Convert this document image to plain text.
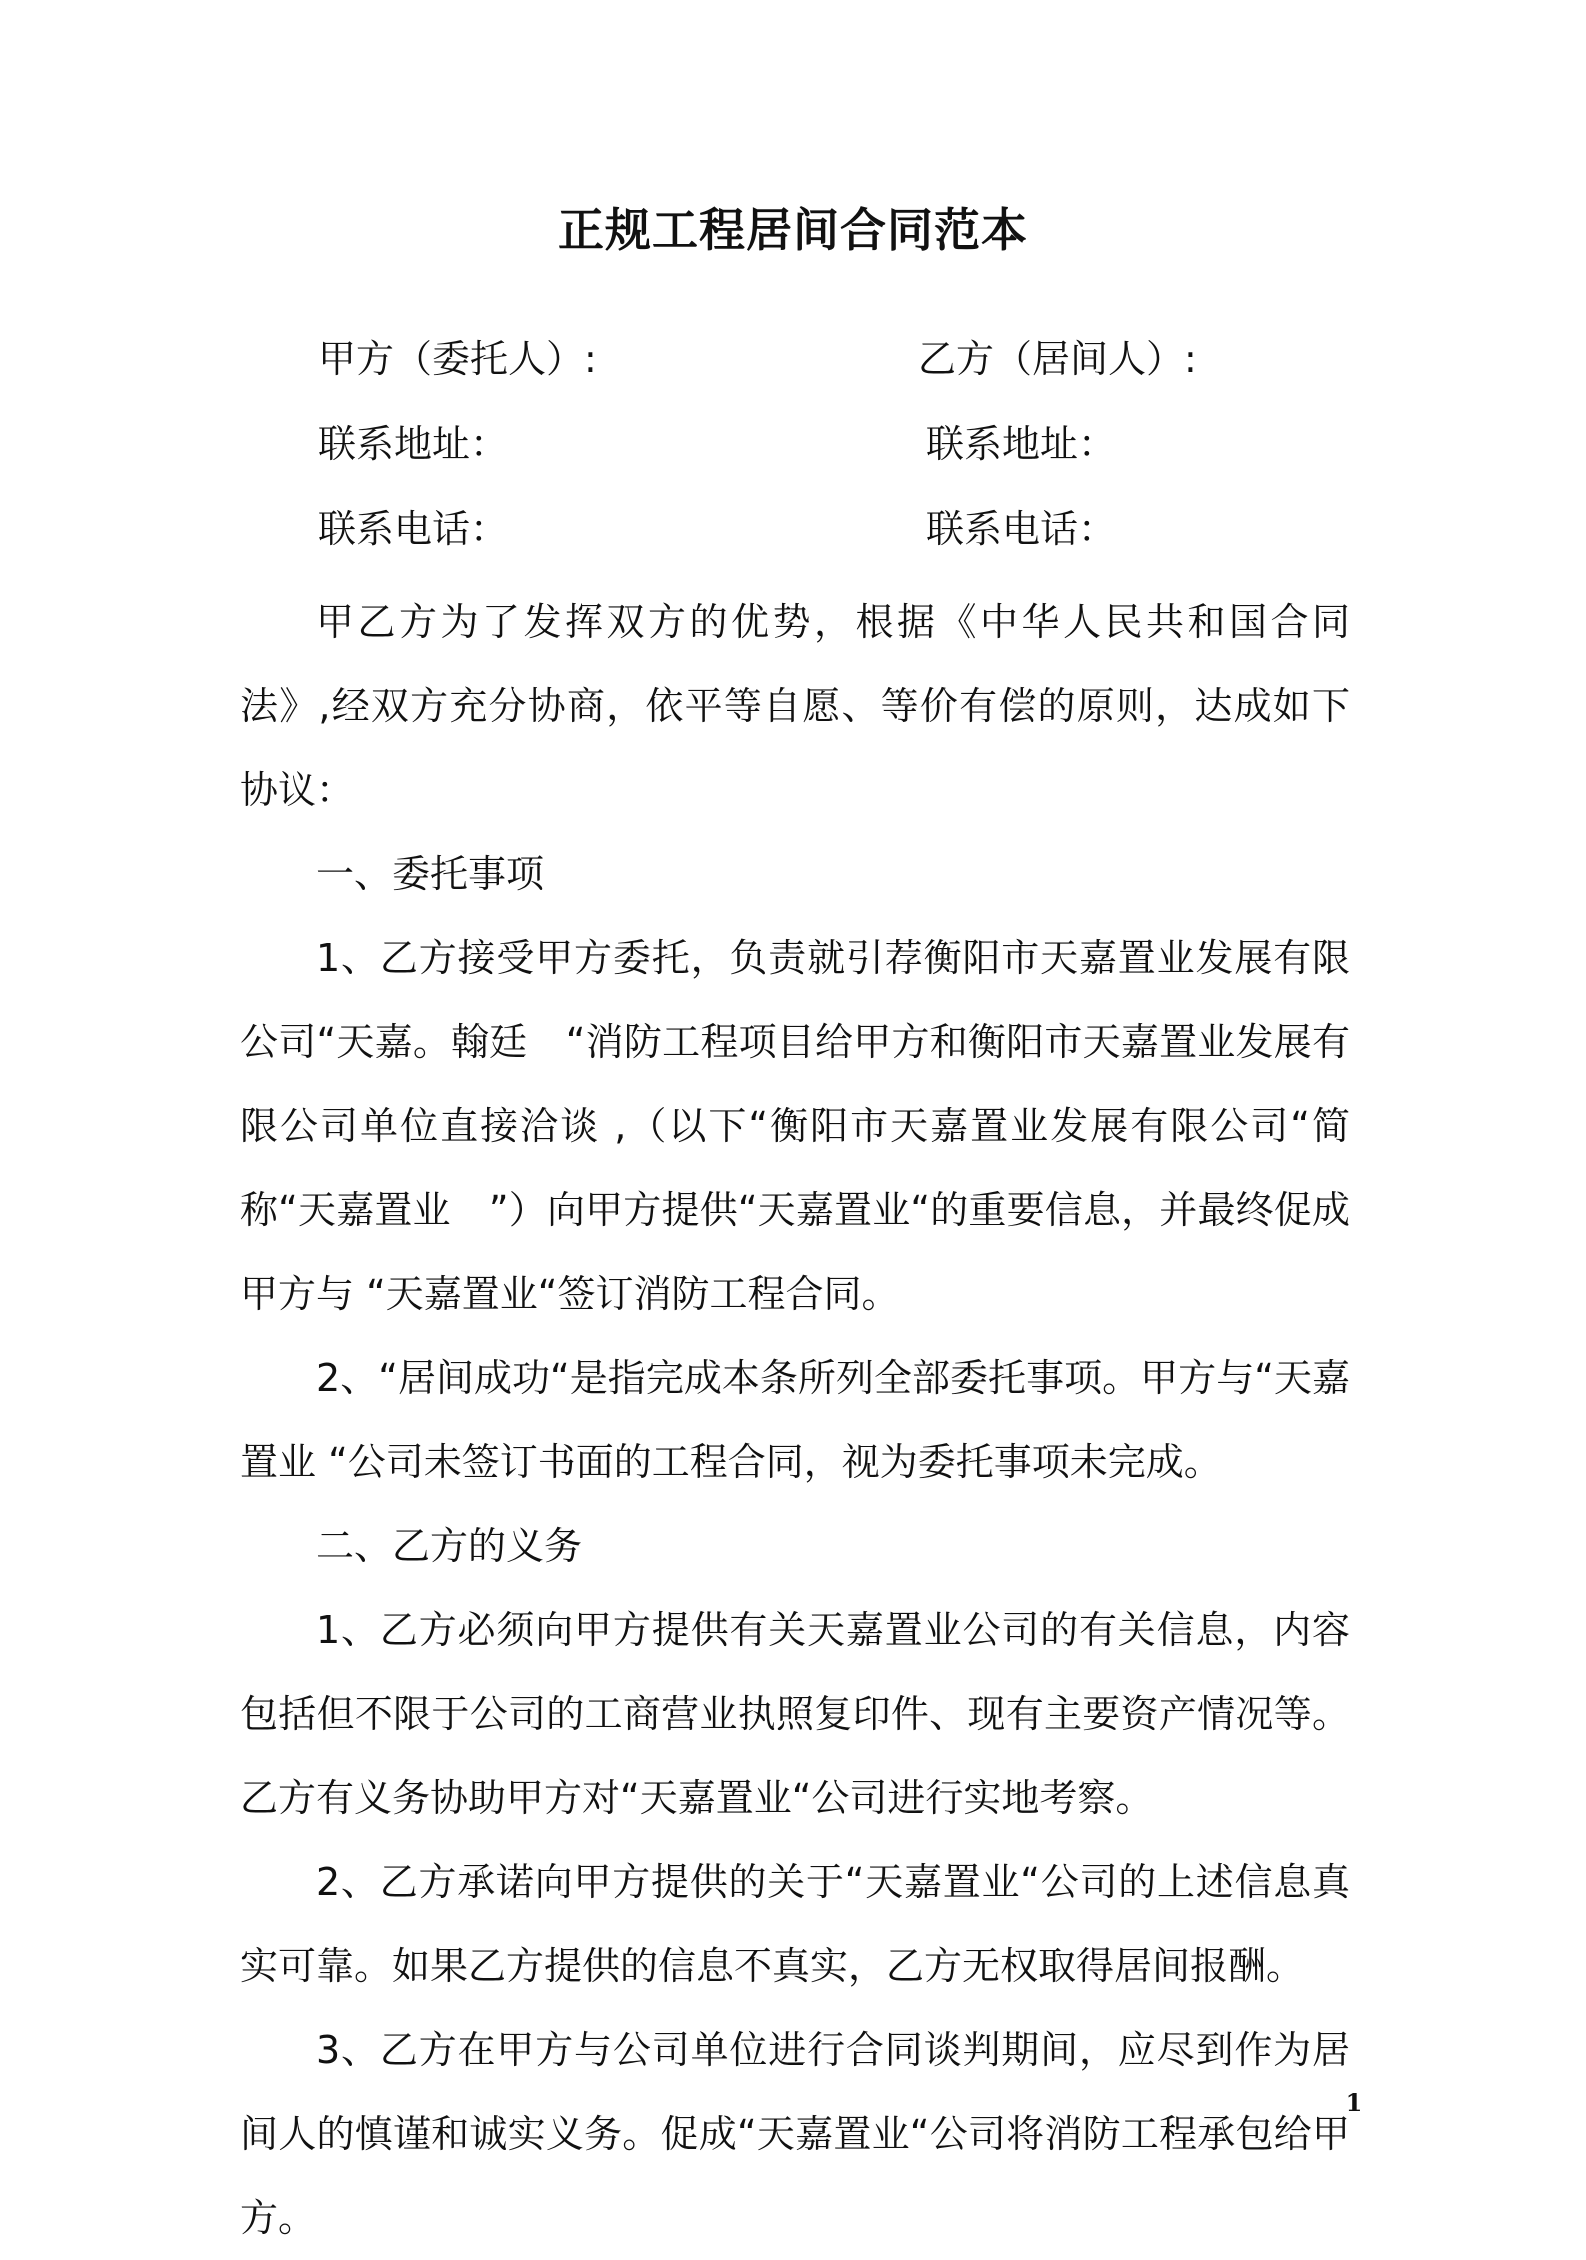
正规工程居间合同范本
甲方（委托人）:	乙方（居间人）:
联系地址：	联系地址：
联系电话：	联系电话：

甲乙方为了发挥双方的优势，根据《中华人民共和国合同法》,经双方充分协商，依平等自愿、等价有偿的原则，达成如下协议：

一、委托事项

1、乙方接受甲方委托，负责就引荐衡阳市天嘉置业发展有限公司“天嘉。翰廷　“消防工程项目给甲方和衡阳市天嘉置业发展有限公司单位直接洽谈 ,（以下“衡阳市天嘉置业发展有限公司“简称“天嘉置业　”）向甲方提供“天嘉置业“的重要信息，并最终促成甲方与 “天嘉置业“签订消防工程合同。

2、“居间成功“是指完成本条所列全部委托事项。甲方与“天嘉置业 “公司未签订书面的工程合同，视为委托事项未完成。

二、乙方的义务

1、乙方必须向甲方提供有关天嘉置业公司的有关信息，内容包括但不限于公司的工商营业执照复印件、现有主要资产情况等。乙方有义务协助甲方对“天嘉置业“公司进行实地考察。

2、乙方承诺向甲方提供的关于“天嘉置业“公司的上述信息真实可靠。如果乙方提供的信息不真实，乙方无权取得居间报酬。

3、乙方在甲方与公司单位进行合同谈判期间，应尽到作为居间人的慎谨和诚实义务。促成“天嘉置业“公司将消防工程承包给甲方。

1
